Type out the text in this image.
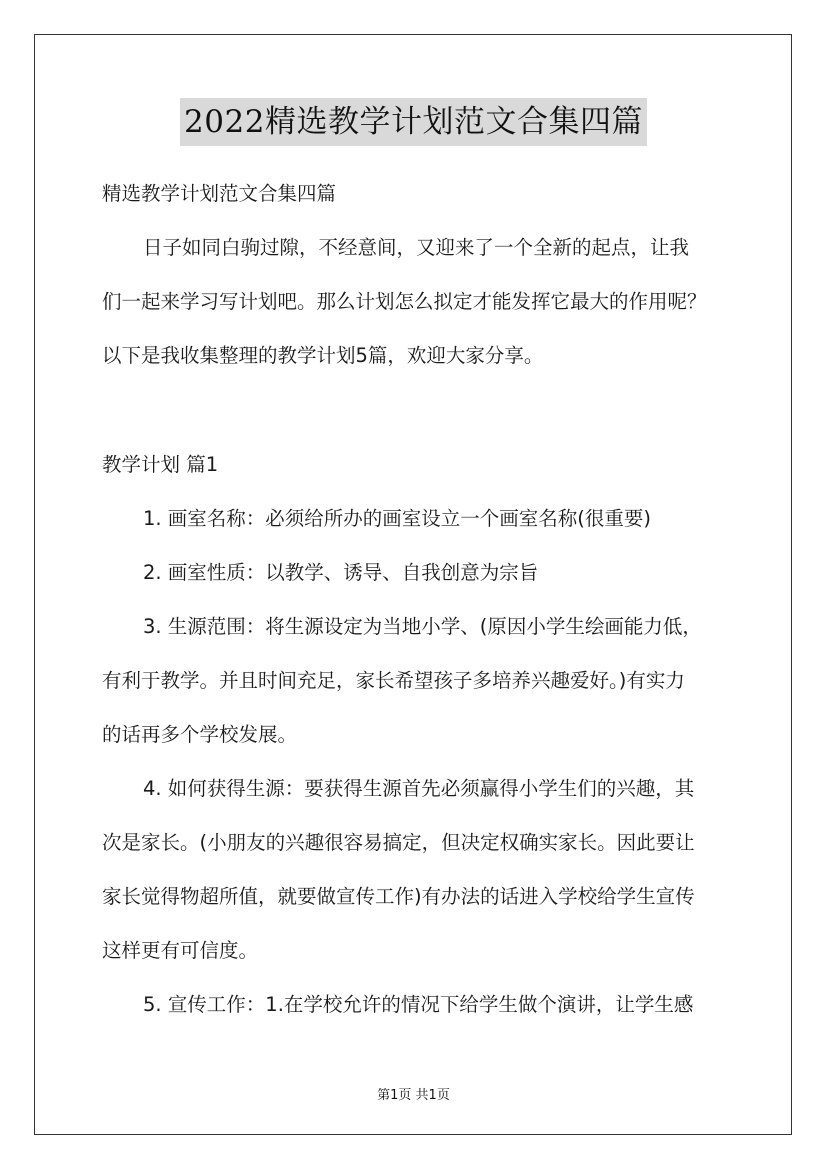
2022精选教学计划范文合集四篇
精选教学计划范文合集四篇
日子如同白驹过隙，不经意间，又迎来了一个全新的起点，让我
们一起来学习写计划吧。那么计划怎么拟定才能发挥它最大的作用呢？
以下是我收集整理的教学计划5篇，欢迎大家分享。
教学计划 篇1
1. 画室名称：必须给所办的画室设立一个画室名称(很重要)
2. 画室性质：以教学、诱导、自我创意为宗旨
3. 生源范围：将生源设定为当地小学、(原因小学生绘画能力低，
有利于教学。并且时间充足，家长希望孩子多培养兴趣爱好。)有实力
的话再多个学校发展。
4. 如何获得生源：要获得生源首先必须赢得小学生们的兴趣，其
次是家长。(小朋友的兴趣很容易搞定，但决定权确实家长。因此要让
家长觉得物超所值，就要做宣传工作)有办法的话进入学校给学生宣传
这样更有可信度。
5. 宣传工作：1.在学校允许的情况下给学生做个演讲，让学生感
第1页 共1页
